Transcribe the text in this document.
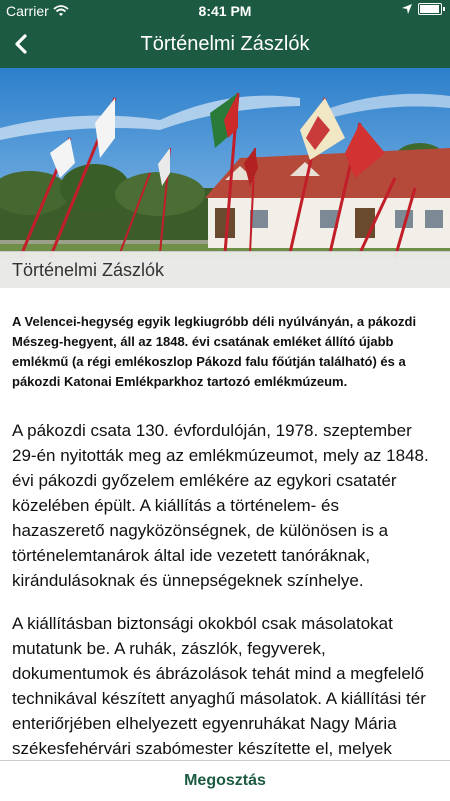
Carrier	8:41 PM
Történelmi Zászlók
Történelmi Zászlók

A Velencei-hegység egyik legkiugróbb déli nyúlványán, a pákozdi Mészeg-hegyent, áll az 1848. évi csatának emléket állító újabb emlékmű (a régi emlékoszlop Pákozd falu főútján található) és a pákozdi Katonai Emlékparkhoz tartozó emlékmúzeum.

A pákozdi csata 130. évfordulóján, 1978. szeptember 29-én nyitották meg az emlékmúzeumot, mely az 1848. évi pákozdi győzelem emlékére az egykori csatatér közelében épült. A kiállítás a történelem- és hazaszerető nagyközönségnek, de különösen is a történelemtanárok által ide vezetett tanóráknak, kirándulásoknak és ünnepségeknek színhelye.

A kiállításban biztonsági okokból csak másolatokat mutatunk be. A ruhák, zászlók, fegyverek, dokumentumok és ábrázolások tehát mind a megfelelő technikával készített anyaghű másolatok. A kiállítási tér enteriőrjében elhelyezett egyenruhákat Nagy Mária székesfehérvári szabómester készítette el, melyek

Megosztás
